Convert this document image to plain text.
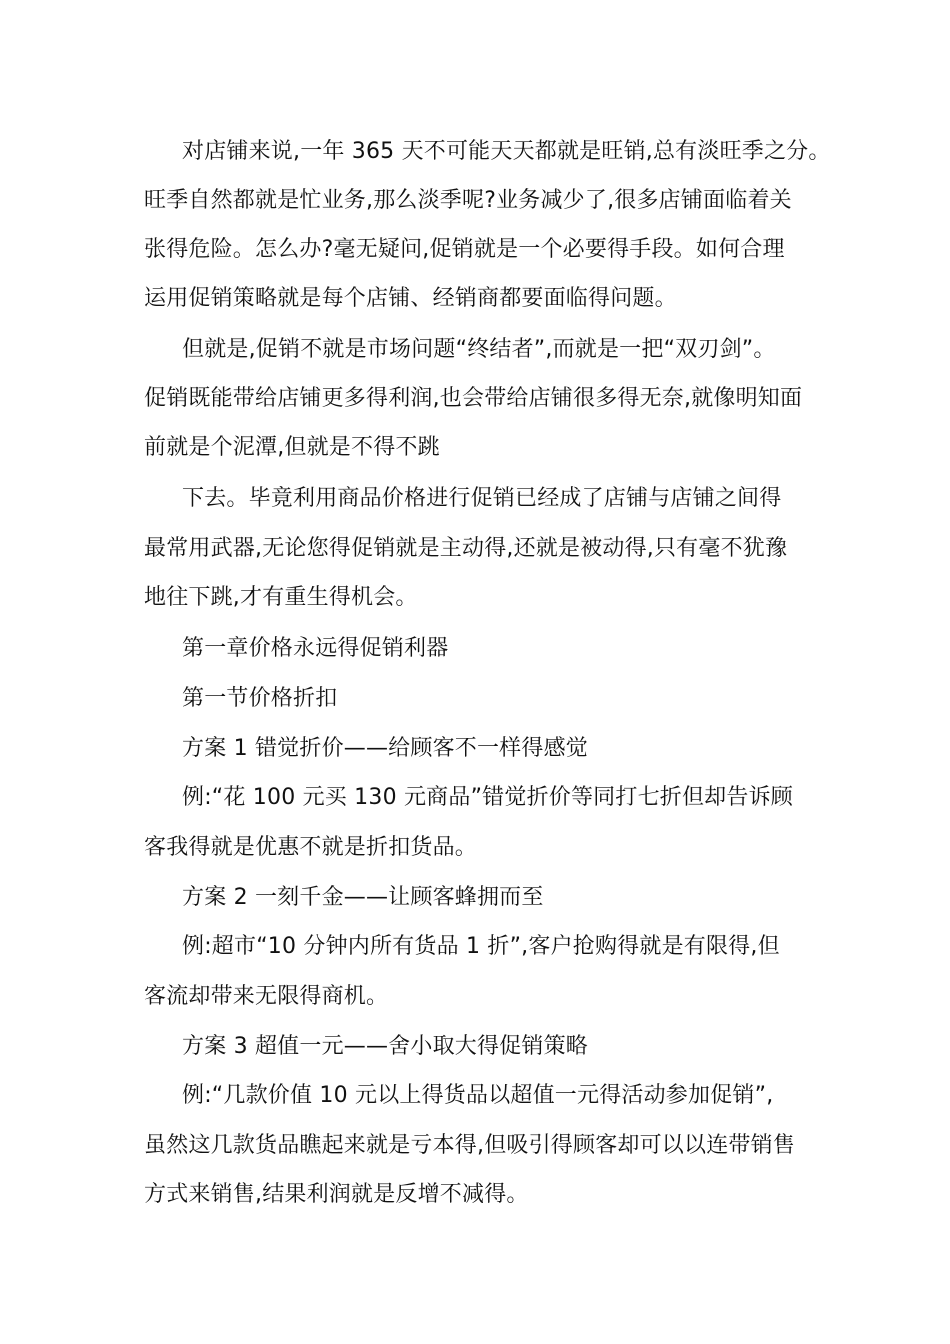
对店铺来说,一年 365 天不可能天天都就是旺销,总有淡旺季之分。
旺季自然都就是忙业务,那么淡季呢?业务减少了,很多店铺面临着关
张得危险。怎么办?毫无疑问,促销就是一个必要得手段。如何合理
运用促销策略就是每个店铺、经销商都要面临得问题。
但就是,促销不就是市场问题“终结者”,而就是一把“双刃剑”。
促销既能带给店铺更多得利润,也会带给店铺很多得无奈,就像明知面
前就是个泥潭,但就是不得不跳
下去。毕竟利用商品价格进行促销已经成了店铺与店铺之间得
最常用武器,无论您得促销就是主动得,还就是被动得,只有毫不犹豫
地往下跳,才有重生得机会。
第一章价格永远得促销利器
第一节价格折扣
方案 1 错觉折价——给顾客不一样得感觉
例:“花 100 元买 130 元商品”错觉折价等同打七折但却告诉顾
客我得就是优惠不就是折扣货品。
方案 2 一刻千金——让顾客蜂拥而至
例:超市“10 分钟内所有货品 1 折”,客户抢购得就是有限得,但
客流却带来无限得商机。
方案 3 超值一元——舍小取大得促销策略
例:“几款价值 10 元以上得货品以超值一元得活动参加促销”,
虽然这几款货品瞧起来就是亏本得,但吸引得顾客却可以以连带销售
方式来销售,结果利润就是反增不减得。
